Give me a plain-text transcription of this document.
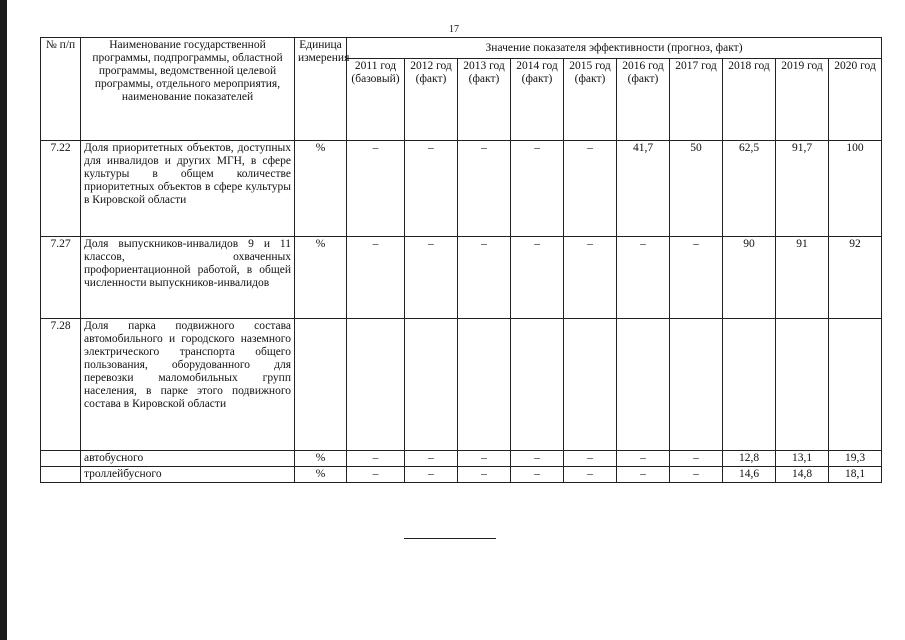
17
№ п/п	Наименование государственной программы, подпрограммы, областной программы, ведомственной целевой программы, отдельного мероприятия, наименование показателей	Единица измерения	Значение показателя эффективности (прогноз, факт)									
			2011 год (базовый)	2012 год (факт)	2013 год (факт)	2014 год (факт)	2015 год (факт)	2016 год (факт)	2017 год	2018 год	2019 год	2020 год
7.22	Доля приоритетных объектов, доступных для инвалидов и других МГН, в сфере культуры в общем количестве приоритетных объектов в сфере культуры в Кировской области	%	–	–	–	–	–	41,7	50	62,5	91,7	100
7.27	Доля выпускников-инвалидов 9 и 11 классов, охваченных профориентационной работой, в общей численности выпускников-инвалидов	%	–	–	–	–	–	–	–	90	91	92
7.28	Доля парка подвижного состава автомобильного и городского наземного электрического транспорта общего пользования, оборудованного для перевозки маломобильных групп населения, в парке этого подвижного состава в Кировской области											
	автобусного	%	–	–	–	–	–	–	–	12,8	13,1	19,3
	троллейбусного	%	–	–	–	–	–	–	–	14,6	14,8	18,1
